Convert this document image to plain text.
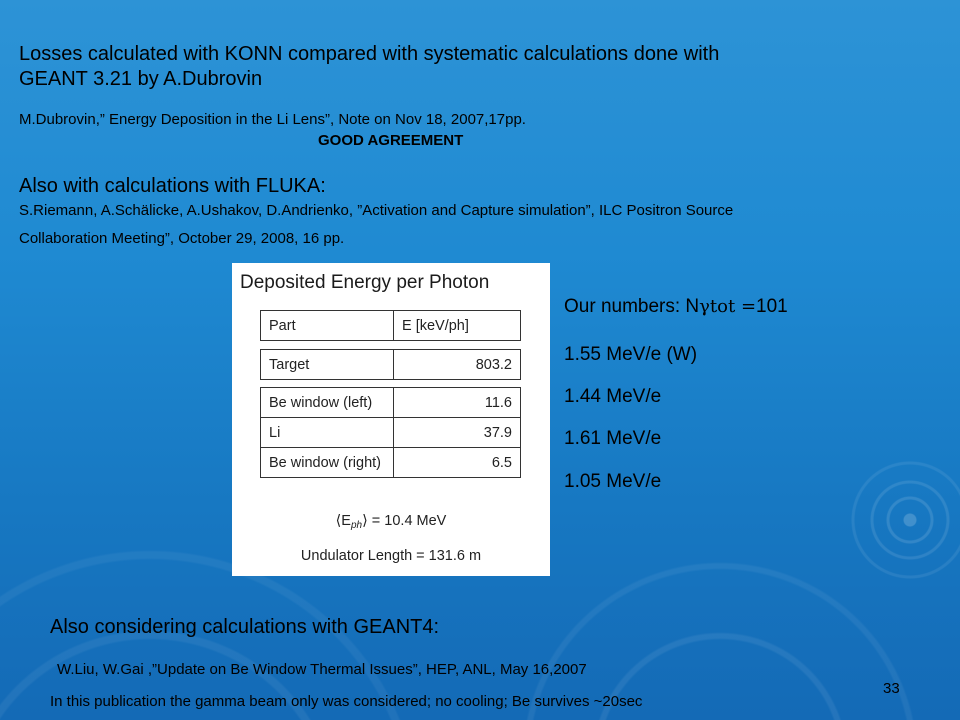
Losses calculated with KONN compared with systematic calculations done with

GEANT 3.21 by A.Dubrovin

M.Dubrovin,” Energy Deposition in the Li Lens”, Note on Nov 18, 2007,17pp.

GOOD AGREEMENT

Also with calculations with FLUKA:

S.Riemann, A.Schälicke, A.Ushakov, D.Andrienko, ”Activation and Capture simulation”, ILC Positron Source

Collaboration Meeting”, October 29, 2008, 16 pp.

Deposited Energy per Photon
Part	E [keV/ph]
Target	803.2
Be window (left)	11.6
Li	37.9
Be window (right)	6.5
$⟨E_{ph}⟩ = 10.4$ MeV
Undulator Length = 131.6 m

Our numbers: Nγtot =101

1.55 MeV/e (W)

1.44 MeV/e

1.61 MeV/e

1.05 MeV/e

Also considering calculations with GEANT4:

W.Liu, W.Gai ,”Update on Be Window Thermal Issues”, HEP, ANL, May 16,2007

In this publication the gamma beam only was considered; no cooling; Be survives ~20sec

33
